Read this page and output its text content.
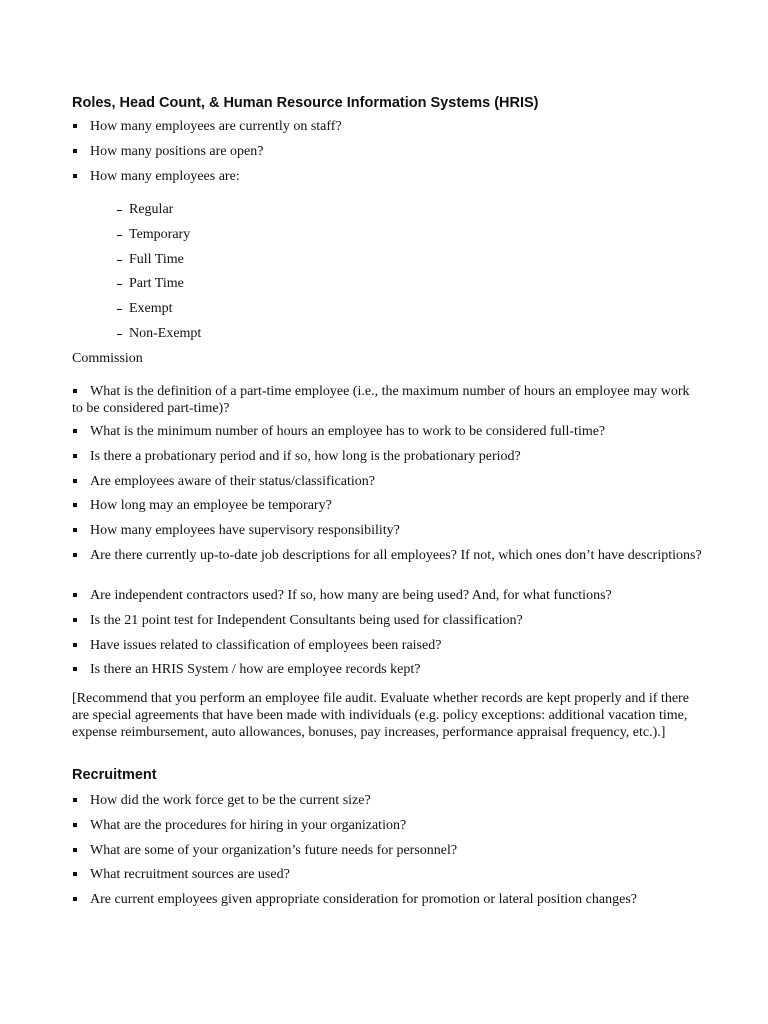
Roles, Head Count, & Human Resource Information Systems (HRIS)
How many employees are currently on staff?
How many positions are open?
How many employees are:
Regular
Temporary
Full Time
Part Time
Exempt
Non-Exempt
Commission
What is the definition of a part-time employee (i.e., the maximum number of hours an employee may work to be considered part-time)?
What is the minimum number of hours an employee has to work to be considered full-time?
Is there a probationary period and if so, how long is the probationary period?
Are employees aware of their status/classification?
How long may an employee be temporary?
How many employees have supervisory responsibility?
Are there currently up-to-date job descriptions for all employees? If not, which ones don’t have descriptions?
Are independent contractors used? If so, how many are being used? And, for what functions?
Is the 21 point test for Independent Consultants being used for classification?
Have issues related to classification of employees been raised?
Is there an HRIS System / how are employee records kept?
[Recommend that you perform an employee file audit. Evaluate whether records are kept properly and if there are special agreements that have been made with individuals (e.g. policy exceptions: additional vacation time, expense reimbursement, auto allowances, bonuses, pay increases, performance appraisal frequency, etc.).]
Recruitment
How did the work force get to be the current size?
What are the procedures for hiring in your organization?
What are some of your organization’s future needs for personnel?
What recruitment sources are used?
Are current employees given appropriate consideration for promotion or lateral position changes?
